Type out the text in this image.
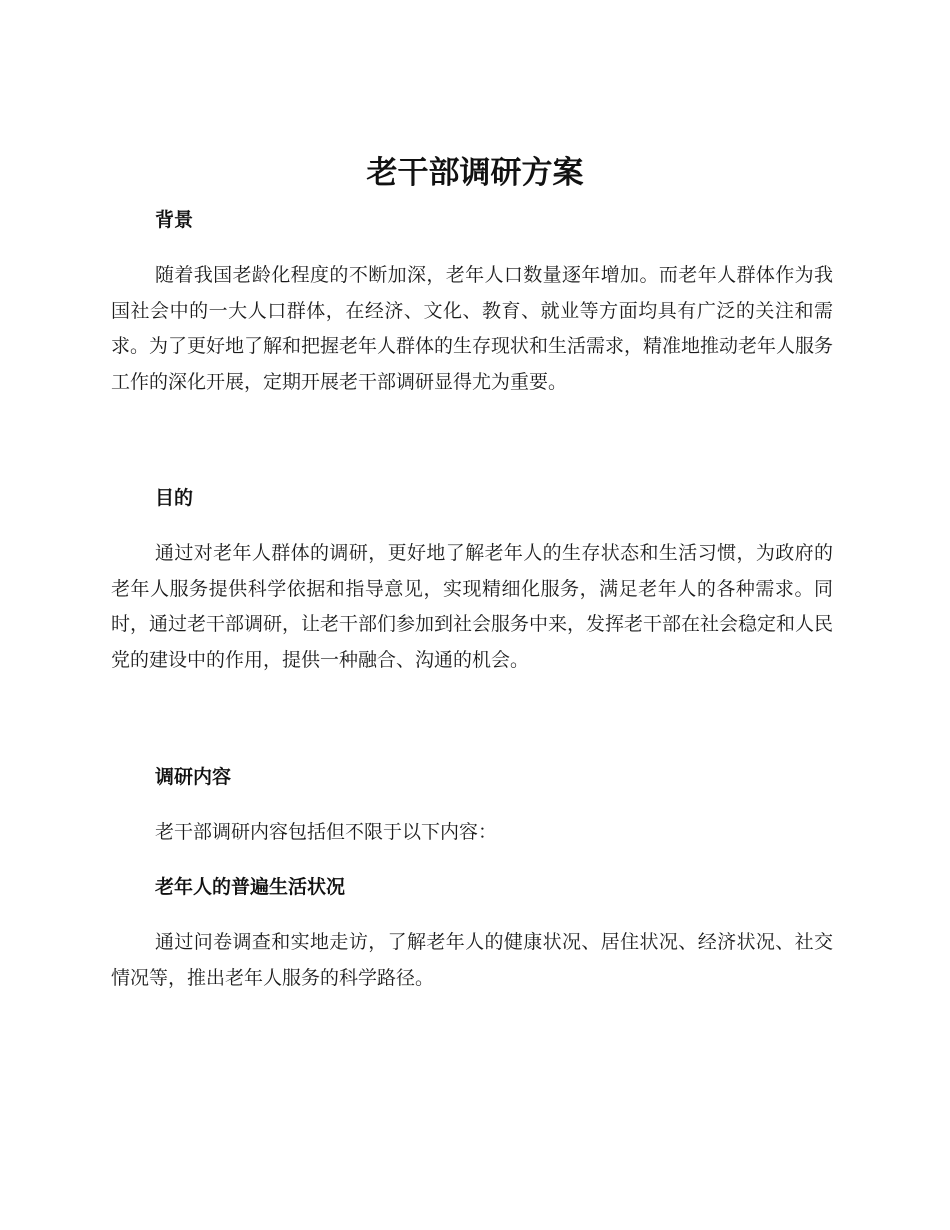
老干部调研方案
背景

随着我国老龄化程度的不断加深，老年人口数量逐年增加。而老年人群体作为我国社会中的一大人口群体，在经济、文化、教育、就业等方面均具有广泛的关注和需求。为了更好地了解和把握老年人群体的生存现状和生活需求，精准地推动老年人服务工作的深化开展，定期开展老干部调研显得尤为重要。

目的

通过对老年人群体的调研，更好地了解老年人的生存状态和生活习惯，为政府的老年人服务提供科学依据和指导意见，实现精细化服务，满足老年人的各种需求。同时，通过老干部调研，让老干部们参加到社会服务中来，发挥老干部在社会稳定和人民党的建设中的作用，提供一种融合、沟通的机会。

调研内容

老干部调研内容包括但不限于以下内容：

老年人的普遍生活状况

通过问卷调查和实地走访，了解老年人的健康状况、居住状况、经济状况、社交情况等，推出老年人服务的科学路径。
